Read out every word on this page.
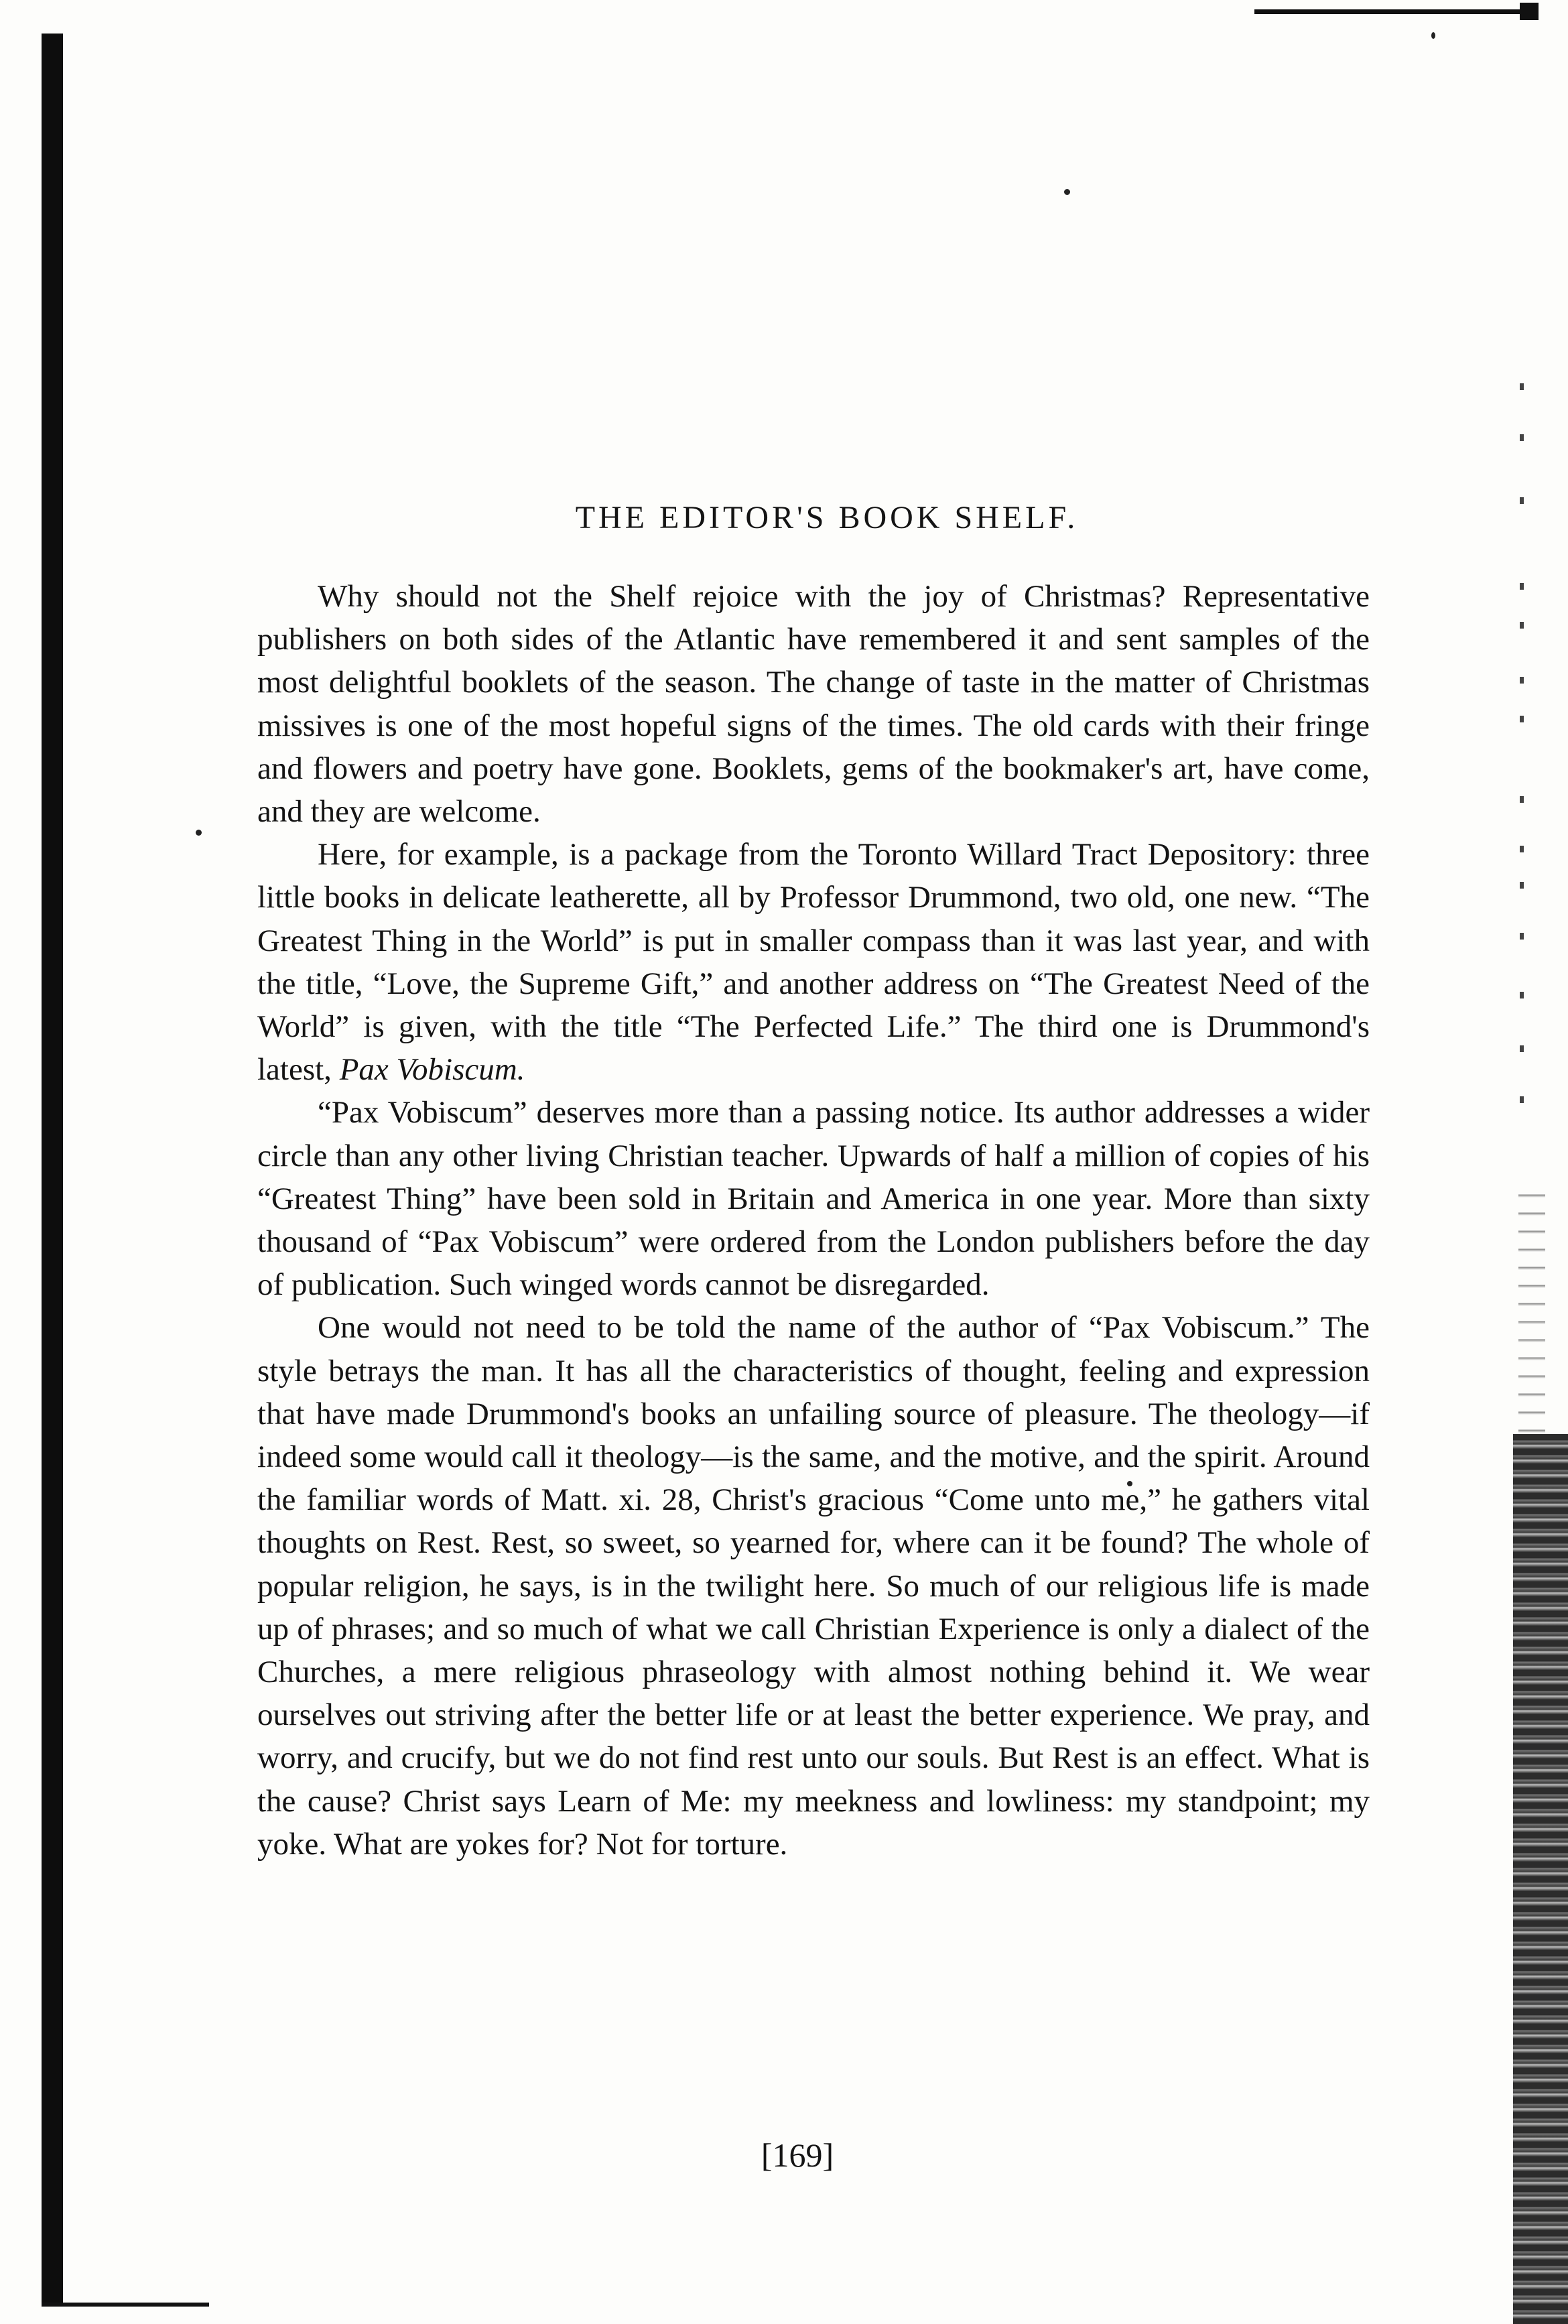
THE EDITOR'S BOOK SHELF.

Why should not the Shelf rejoice with the joy of Christmas? Representative publishers on both sides of the Atlantic have remembered it and sent samples of the most delightful booklets of the season. The change of taste in the matter of Christmas missives is one of the most hopeful signs of the times. The old cards with their fringe and flowers and poetry have gone. Booklets, gems of the bookmaker's art, have come, and they are welcome.

Here, for example, is a package from the Toronto Willard Tract Depository: three little books in delicate leatherette, all by Professor Drummond, two old, one new. “The Greatest Thing in the World” is put in smaller compass than it was last year, and with the title, “Love, the Supreme Gift,” and another address on “The Greatest Need of the World” is given, with the title “The Perfected Life.” The third one is Drummond's latest, Pax Vobiscum.

“Pax Vobiscum” deserves more than a passing notice. Its author addresses a wider circle than any other living Christian teacher. Upwards of half a million of copies of his “Greatest Thing” have been sold in Britain and America in one year. More than sixty thousand of “Pax Vobiscum” were ordered from the London publishers before the day of publication. Such winged words cannot be disregarded.

One would not need to be told the name of the author of “Pax Vobiscum.” The style betrays the man. It has all the characteristics of thought, feeling and expression that have made Drummond's books an unfailing source of pleasure. The theology—if indeed some would call it theology—is the same, and the motive, and the spirit. Around the familiar words of Matt. xi. 28, Christ's gracious “Come unto me,” he gathers vital thoughts on Rest. Rest, so sweet, so yearned for, where can it be found? The whole of popular religion, he says, is in the twilight here. So much of our religious life is made up of phrases; and so much of what we call Christian Experience is only a dialect of the Churches, a mere religious phraseology with almost nothing behind it. We wear ourselves out striving after the better life or at least the better experience. We pray, and worry, and crucify, but we do not find rest unto our souls. But Rest is an effect. What is the cause? Christ says Learn of Me: my meekness and lowliness: my standpoint; my yoke. What are yokes for? Not for torture.

[169]
